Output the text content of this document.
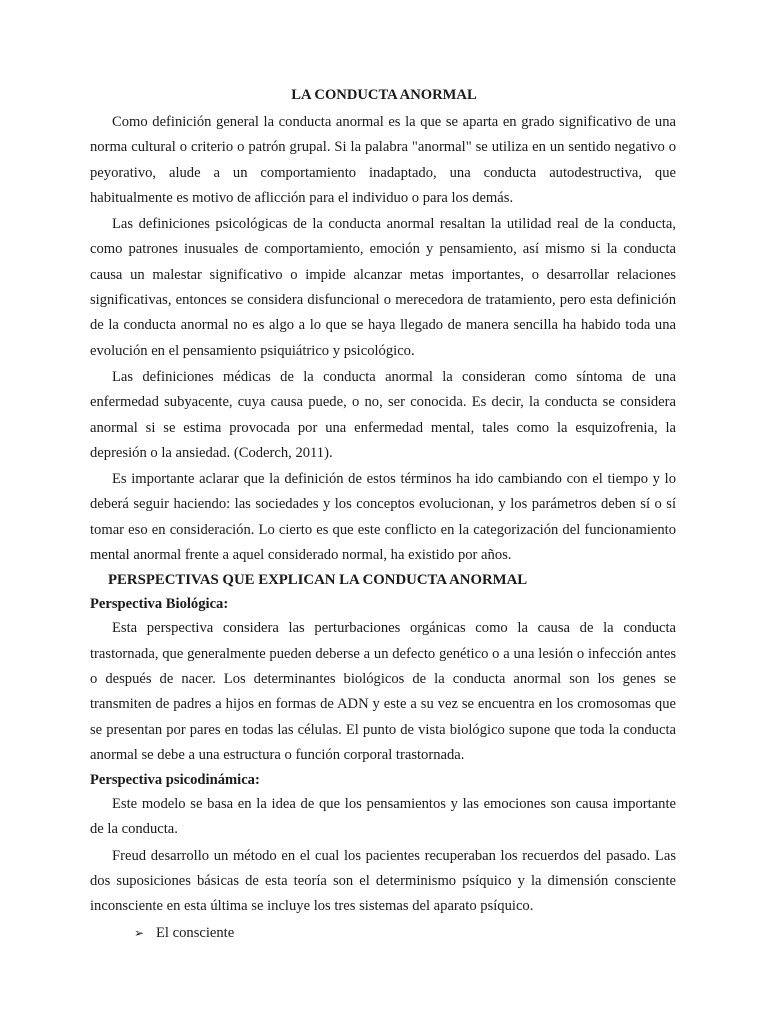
LA CONDUCTA ANORMAL

Como definición general la conducta anormal es la que se aparta en grado significativo de una norma cultural o criterio o patrón grupal. Si la palabra "anormal" se utiliza en un sentido negativo o peyorativo, alude a un comportamiento inadaptado, una conducta autodestructiva, que habitualmente es motivo de aflicción para el individuo o para los demás.

Las definiciones psicológicas de la conducta anormal resaltan la utilidad real de la conducta, como patrones inusuales de comportamiento, emoción y pensamiento, así mismo si la conducta causa un malestar significativo o impide alcanzar metas importantes, o desarrollar relaciones significativas, entonces se considera disfuncional o merecedora de tratamiento, pero esta definición de la conducta anormal no es algo a lo que se haya llegado de manera sencilla ha habido toda una evolución en el pensamiento psiquiátrico y psicológico.

Las definiciones médicas de la conducta anormal la consideran como síntoma de una enfermedad subyacente, cuya causa puede, o no, ser conocida. Es decir, la conducta se considera anormal si se estima provocada por una enfermedad mental, tales como la esquizofrenia, la depresión o la ansiedad. (Coderch, 2011).

Es importante aclarar que la definición de estos términos ha ido cambiando con el tiempo y lo deberá seguir haciendo: las sociedades y los conceptos evolucionan, y los parámetros deben sí o sí tomar eso en consideración. Lo cierto es que este conflicto en la categorización del funcionamiento mental anormal frente a aquel considerado normal, ha existido por años.

PERSPECTIVAS QUE EXPLICAN LA CONDUCTA ANORMAL

Perspectiva Biológica:

Esta perspectiva considera las perturbaciones orgánicas como la causa de la conducta trastornada, que generalmente pueden deberse a un defecto genético o a una lesión o infección antes o después de nacer. Los determinantes biológicos de la conducta anormal son los genes se transmiten de padres a hijos en formas de ADN y este a su vez se encuentra en los cromosomas que se presentan por pares en todas las células. El punto de vista biológico supone que toda la conducta anormal se debe a una estructura o función corporal trastornada.

Perspectiva psicodinámica:

Este modelo se basa en la idea de que los pensamientos y las emociones son causa importante de la conducta.

Freud desarrollo un método en el cual los pacientes recuperaban los recuerdos del pasado. Las dos suposiciones básicas de esta teoría son el determinismo psíquico y la dimensión consciente inconsciente en esta última se incluye los tres sistemas del aparato psíquico.

➢ El consciente
